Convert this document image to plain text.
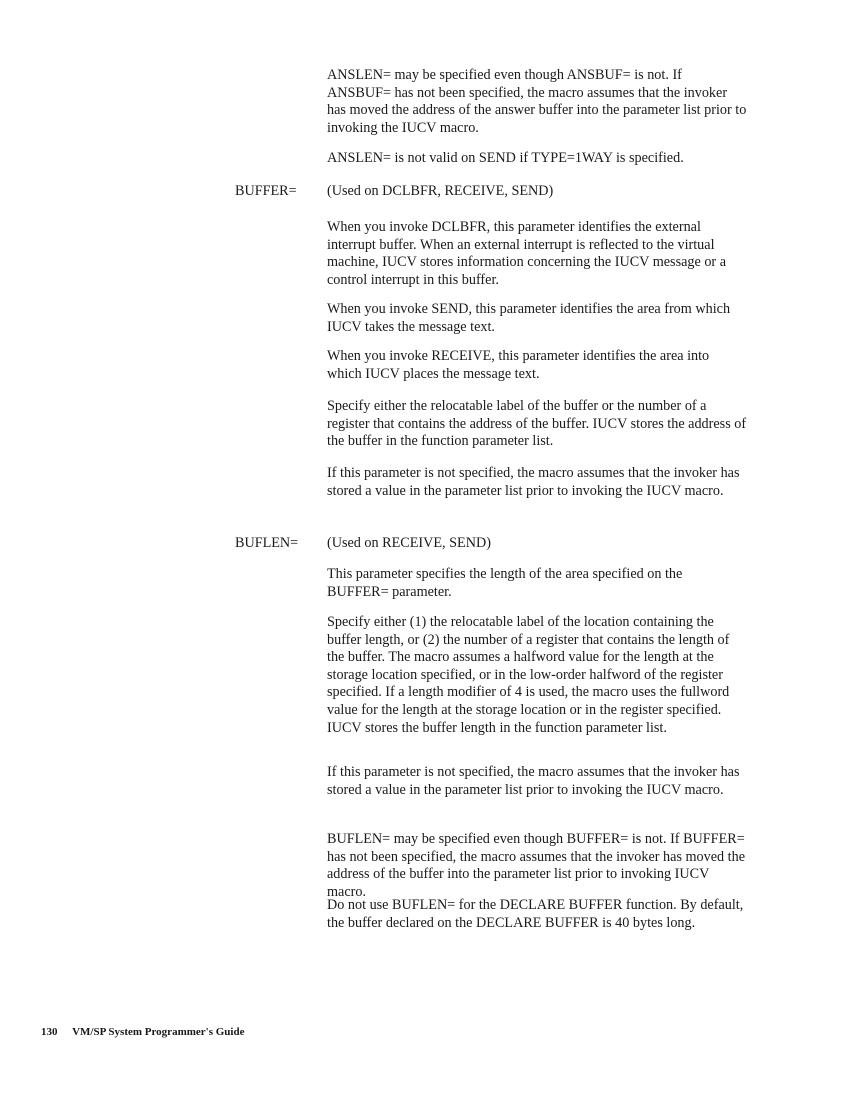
ANSLEN= may be specified even though ANSBUF= is not. If ANSBUF= has not been specified, the macro assumes that the invoker has moved the address of the answer buffer into the parameter list prior to invoking the IUCV macro.

ANSLEN= is not valid on SEND if TYPE=1WAY is specified.

BUFFER= (Used on DCLBFR, RECEIVE, SEND)

When you invoke DCLBFR, this parameter identifies the external interrupt buffer. When an external interrupt is reflected to the virtual machine, IUCV stores information concerning the IUCV message or a control interrupt in this buffer.

When you invoke SEND, this parameter identifies the area from which IUCV takes the message text.

When you invoke RECEIVE, this parameter identifies the area into which IUCV places the message text.

Specify either the relocatable label of the buffer or the number of a register that contains the address of the buffer. IUCV stores the address of the buffer in the function parameter list.

If this parameter is not specified, the macro assumes that the invoker has stored a value in the parameter list prior to invoking the IUCV macro.

BUFLEN= (Used on RECEIVE, SEND)

This parameter specifies the length of the area specified on the BUFFER= parameter.

Specify either (1) the relocatable label of the location containing the buffer length, or (2) the number of a register that contains the length of the buffer. The macro assumes a halfword value for the length at the storage location specified, or in the low-order halfword of the register specified. If a length modifier of 4 is used, the macro uses the fullword value for the length at the storage location or in the register specified. IUCV stores the buffer length in the function parameter list.

If this parameter is not specified, the macro assumes that the invoker has stored a value in the parameter list prior to invoking the IUCV macro.

BUFLEN= may be specified even though BUFFER= is not. If BUFFER= has not been specified, the macro assumes that the invoker has moved the address of the buffer into the parameter list prior to invoking IUCV macro.

Do not use BUFLEN= for the DECLARE BUFFER function. By default, the buffer declared on the DECLARE BUFFER is 40 bytes long.

130 VM/SP System Programmer's Guide
